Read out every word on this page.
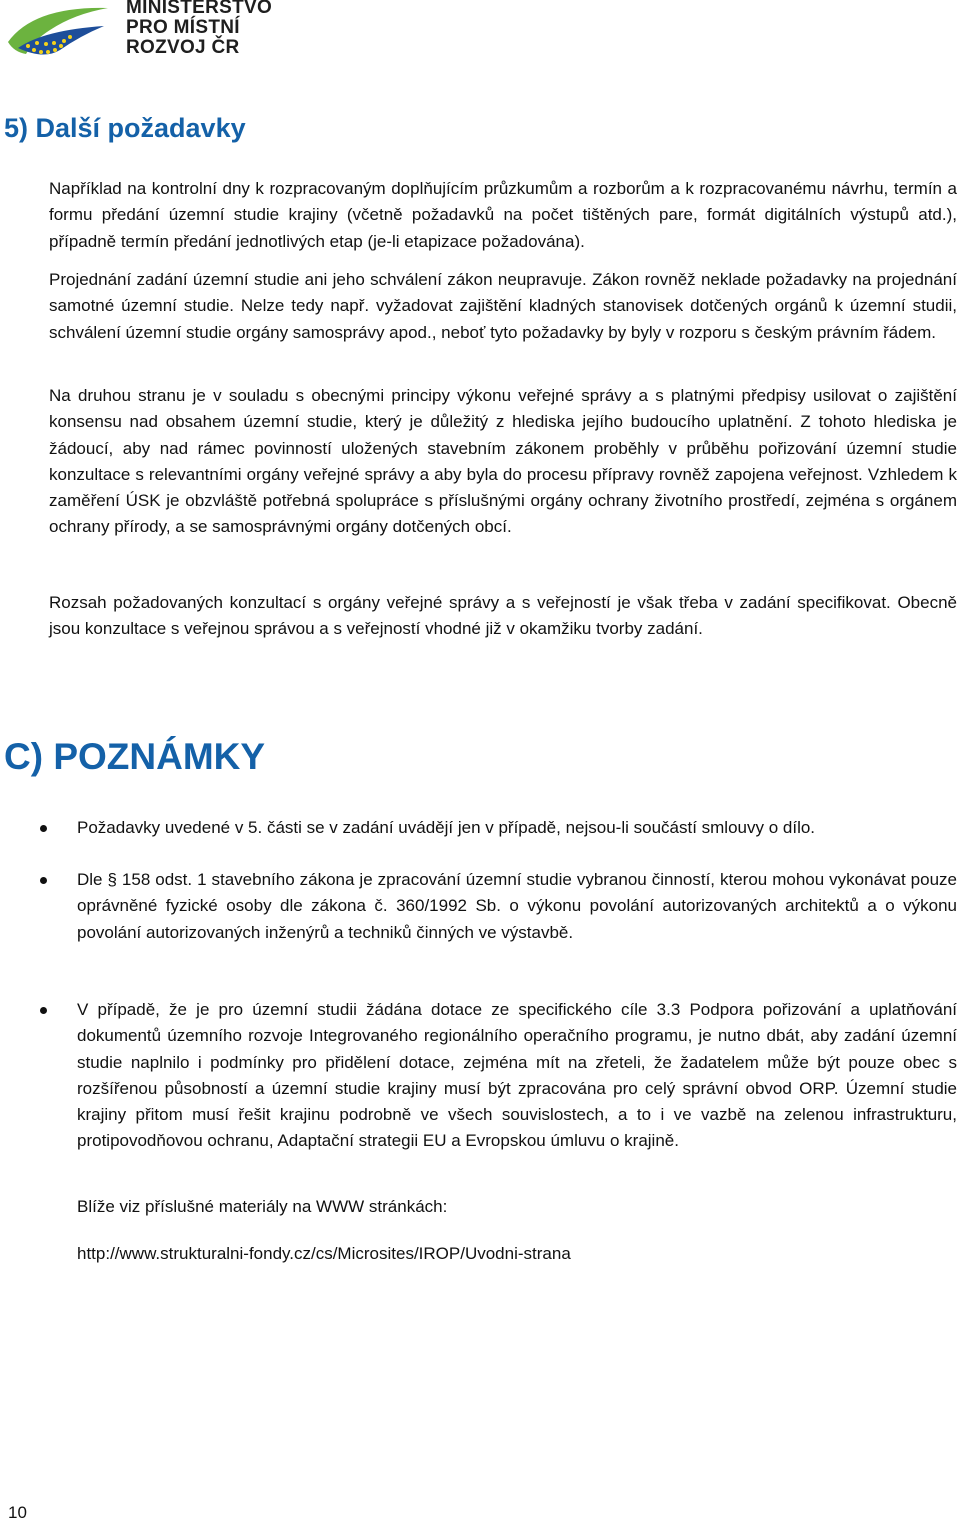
MINISTERSTVO
PRO MÍSTNÍ
ROZVOJ ČR
5) Další požadavky

Například na kontrolní dny k rozpracovaným doplňujícím průzkumům a rozborům a k rozpracovanému návrhu, termín a formu předání územní studie krajiny (včetně požadavků na počet tištěných pare, formát digitálních výstupů atd.), případně termín předání jednotlivých etap (je-li etapizace požadována).

Projednání zadání územní studie ani jeho schválení zákon neupravuje. Zákon rovněž neklade požadavky na projednání samotné územní studie. Nelze tedy např. vyžadovat zajištění kladných stanovisek dotčených orgánů k územní studii, schválení územní studie orgány samosprávy apod., neboť tyto požadavky by byly v rozporu s českým právním řádem.

Na druhou stranu je v souladu s obecnými principy výkonu veřejné správy a s platnými předpisy usilovat o zajištění konsensu nad obsahem územní studie, který je důležitý z hlediska jejího budoucího uplatnění. Z tohoto hlediska je žádoucí, aby nad rámec povinností uložených stavebním zákonem proběhly v průběhu pořizování územní studie konzultace s relevantními orgány veřejné správy a aby byla do procesu přípravy rovněž zapojena veřejnost. Vzhledem k zaměření ÚSK je obzvláště potřebná spolupráce s příslušnými orgány ochrany životního prostředí, zejména s orgánem ochrany přírody, a se samosprávnými orgány dotčených obcí.

Rozsah požadovaných konzultací s orgány veřejné správy a s veřejností je však třeba v zadání specifikovat. Obecně jsou konzultace s veřejnou správou a s veřejností vhodné již v okamžiku tvorby zadání.

C) POZNÁMKY

Požadavky uvedené v 5. části se v zadání uvádějí jen v případě, nejsou-li součástí smlouvy o dílo.

Dle § 158 odst. 1 stavebního zákona je zpracování územní studie vybranou činností, kterou mohou vykonávat pouze oprávněné fyzické osoby dle zákona č. 360/1992 Sb. o výkonu povolání autorizovaných architektů a o výkonu povolání autorizovaných inženýrů a techniků činných ve výstavbě.

V případě, že je pro územní studii žádána dotace ze specifického cíle 3.3 Podpora pořizování a uplatňování dokumentů územního rozvoje Integrovaného regionálního operačního programu, je nutno dbát, aby zadání územní studie naplnilo i podmínky pro přidělení dotace, zejména mít na zřeteli, že žadatelem může být pouze obec s rozšířenou působností a územní studie krajiny musí být zpracována pro celý správní obvod ORP. Územní studie krajiny přitom musí řešit krajinu podrobně ve všech souvislostech, a to i ve vazbě na zelenou infrastrukturu, protipovodňovou ochranu, Adaptační strategii EU a Evropskou úmluvu o krajině.

Blíže viz příslušné materiály na WWW stránkách:

http://www.strukturalni-fondy.cz/cs/Microsites/IROP/Uvodni-strana

10
